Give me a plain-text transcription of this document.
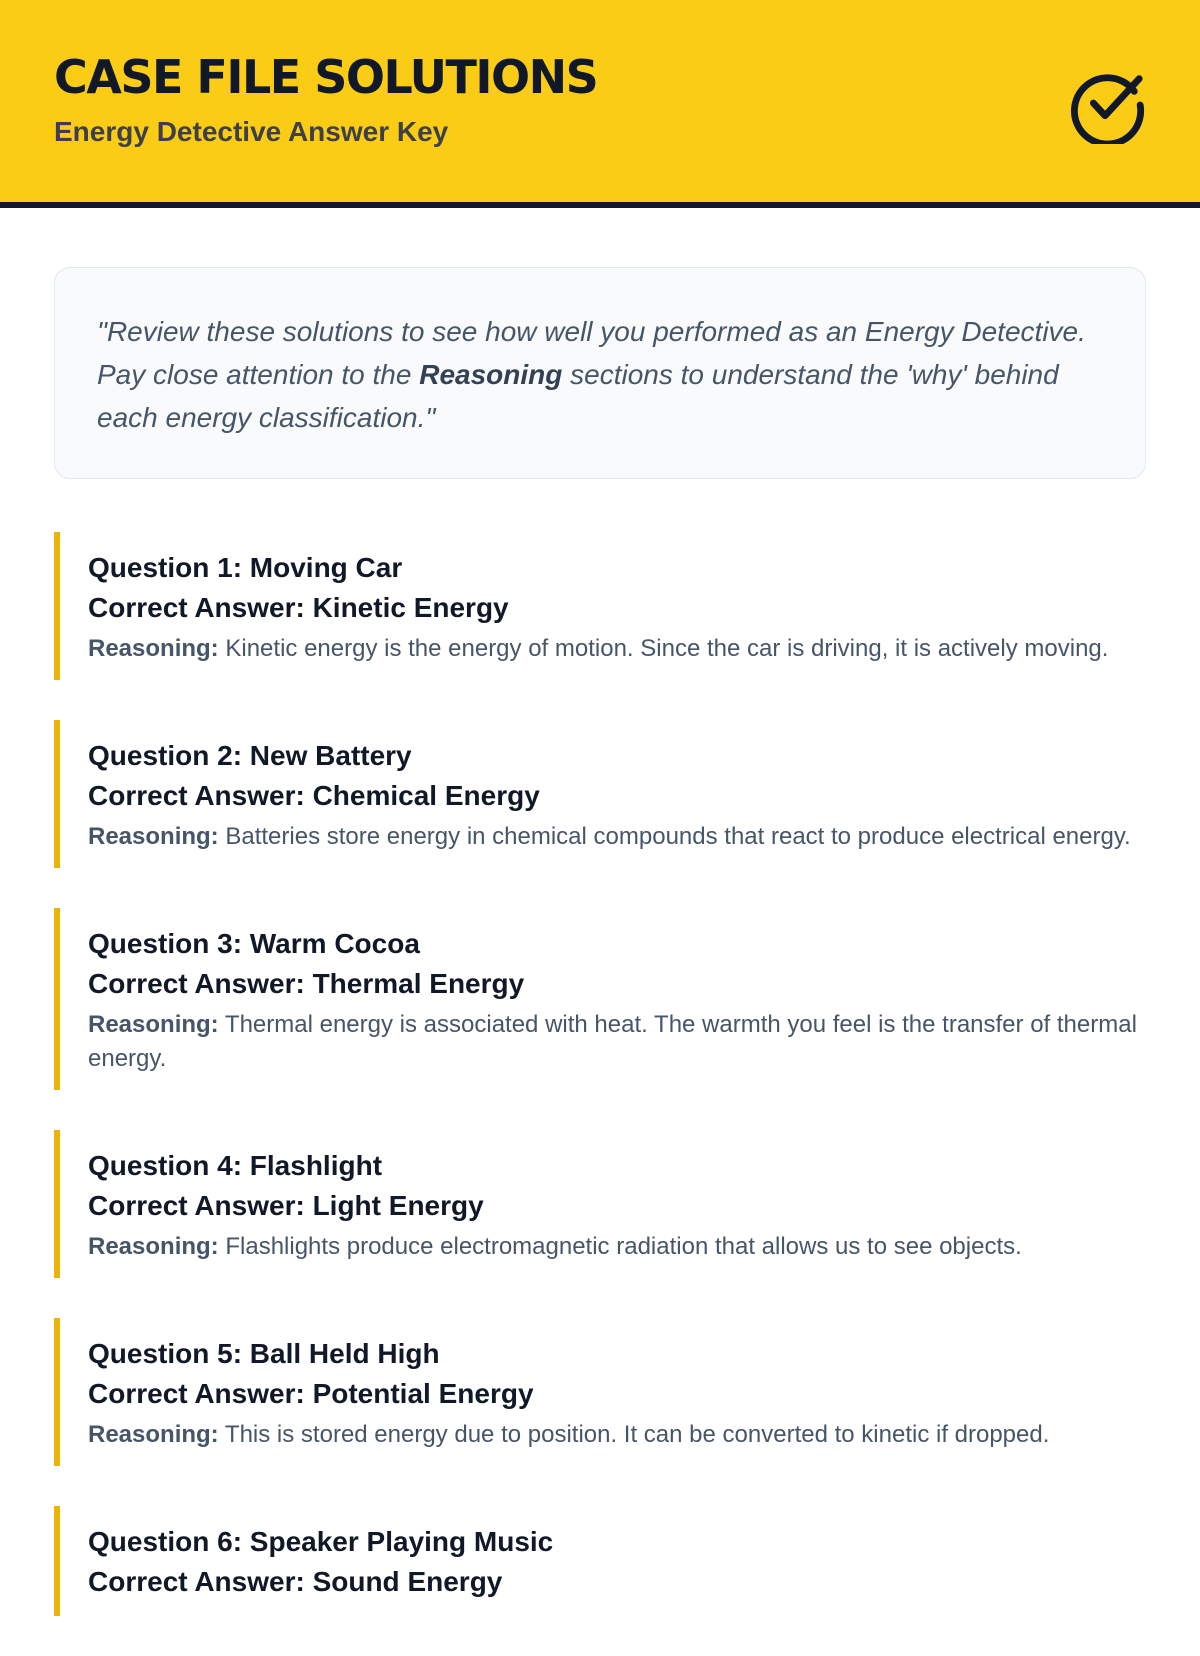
CASE FILE SOLUTIONS

Energy Detective Answer Key

"Review these solutions to see how well you performed as an Energy Detective. Pay close attention to the Reasoning sections to understand the 'why' behind each energy classification."

Question 1: Moving Car

Correct Answer: Kinetic Energy

Reasoning: Kinetic energy is the energy of motion. Since the car is driving, it is actively moving.

Question 2: New Battery

Correct Answer: Chemical Energy

Reasoning: Batteries store energy in chemical compounds that react to produce electrical energy.

Question 3: Warm Cocoa

Correct Answer: Thermal Energy

Reasoning: Thermal energy is associated with heat. The warmth you feel is the transfer of thermal energy.

Question 4: Flashlight

Correct Answer: Light Energy

Reasoning: Flashlights produce electromagnetic radiation that allows us to see objects.

Question 5: Ball Held High

Correct Answer: Potential Energy

Reasoning: This is stored energy due to position. It can be converted to kinetic if dropped.

Question 6: Speaker Playing Music

Correct Answer: Sound Energy
